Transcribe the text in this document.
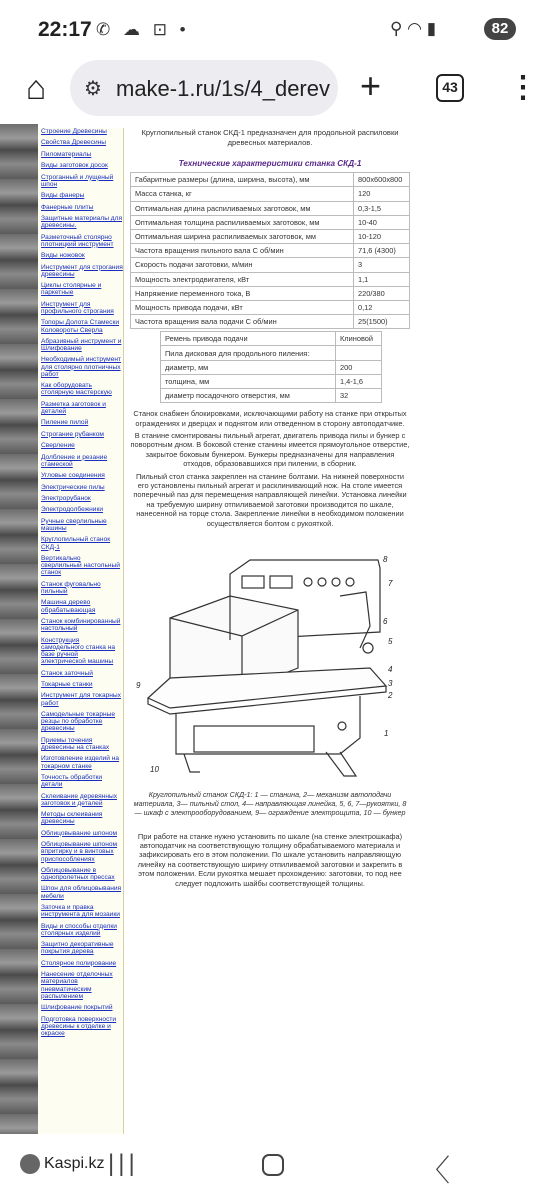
22:17 ✆ ☁ ⊡ •	⚲ ◠ ▮	82
⌂	⚙ make-1.ru/1s/4_derev +	43 ⋮
Строение Древесины
Свойства Древесины
Пиломатериалы
Виды заготовок досок
Строганный и лущеный шпон
Виды фанеры
Фанерные плиты
Защитные материалы для древесины.
Разметочный столярно плотницкий инструмент
Виды ножовок
Инструмент для строгания древесины
Циклы столярные и паркетные
Инструмент для профильного строгания
Топоры Долота Стамески Коловороты Сверла
Абразивный инструмент и Шлифование
Необходимый инструмент для столярно плотничных работ
Как оборудовать столярную мастерскую
Разметка заготовок и деталей
Пиление пилой
Строгание рубанком
Сверление
Долбление и резание стамеской
Угловые соединения
Электрические пилы
Электрорубанок
Электродолбежники
Ручные сверлильные машины
Круглопильный станок СКД-1
Вертикально сверлильный настольный станок
Станок фуговально пильный
Машина дерево обрабатывающая
Станок комбинированный настольный
Конструкция самодельного станка на базе ручной электрической машины
Станок заточный
Токарные станки
Инструмент для токарных работ
Самодельные токарные резцы по обработке древесины
Приемы точения древесины на станках
Изготовление изделий на токарном станке
Точность обработки детали
Склеивание деревянных заготовок и деталей
Методы склеивания древесины
Облицовывание шпоном
Облицовывание шпоном впритирку и в винтовых приспособлениях
Облицовывание в однопролетных прессах
Шпон для облицовывания мебели
Заточка и правка инструмента для мозаики
Виды и способы отделки столярных изделий
Защитно декоративные покрытия дерева
Столярное полирование
Нанесение отделочных материалов пневматическим распылением
Шлифование покрытий
Подготовка поверхности древесины к отделке и окраске

Круглопильный станок СКД-1 предназначен для продольной распиловки древесных материалов.

Технические характеристики станка СКД-1

Габаритные размеры (длина, ширина, высота), мм	800x600x800
Масса станка, кг	120
Оптимальная длина распиливаемых заготовок, мм	0,3-1,5
Оптимальная толщина распиливаемых заготовок, мм	10-40
Оптимальная ширина распиливаемых заготовок, мм	10-120
Частота вращения пильного вала С об/мин	71,6 (4300)
Скорость подачи заготовки, м/мин	3
Мощность электродвигателя, кВт	1,1
Напряжение переменного тока, В	220/380
Мощность привода подачи, кВт	0,12
Частота вращения вала подачи С об/мин	25(1500)
Ремень привода подачи	Клиновой
Пила дисковая для продольного пиления:	
диаметр, мм	200
толщина, мм	1,4-1,6
диаметр посадочного отверстия, мм	32

Станок снабжен блокировками, исключающими работу на станке при открытых ограждениях и дверцах и поднятом или отведенном в сторону автоподатчике.

В станине смонтированы пильный агрегат, двигатель привода пилы и бункер с поворотным дном. В боковой стенке станины имеется прямоугольное отверстие, закрытое боковым бункером. Бункеры предназначены для направления отходов, образовавшихся при пилении, в сборник.

Пильный стол станка закреплен на станине болтами. На нижней поверхности его установлены пильный агрегат и расклинивающий нож. На столе имеется поперечный паз для перемещения направляющей линейки. Установка линейки на требуемую ширину отпиливаемой заготовки производится по шкале, нанесенной на торце стола. Закрепление линейки в необходимом положении осуществляется болтом с рукояткой.

8
7
6
5
4
3
2
1
9
10

Круглопильный станок СКД-1: 1 — станина, 2— механизм автоподачи материала, 3— пильный стол, 4— направляющая линейка, 5, 6, 7—рукоятки, 8 — шкаф с электрооборудованием, 9— ограждение электрощита, 10 — бункер

При работе на станке нужно установить по шкале (на стенке электрошкафа) автоподатчик на соответствующую толщину обрабатываемого материала и зафиксировать его в этом положении. По шкале установить направляющую линейку на соответствующую ширину отпиливаемой заготовки и закрепить в этом положении. Если рукоятка мешает прохождению: заготовки, то под нее следует подложить шайбы соответствующей толщины.

Kaspi.kz |||	〈
